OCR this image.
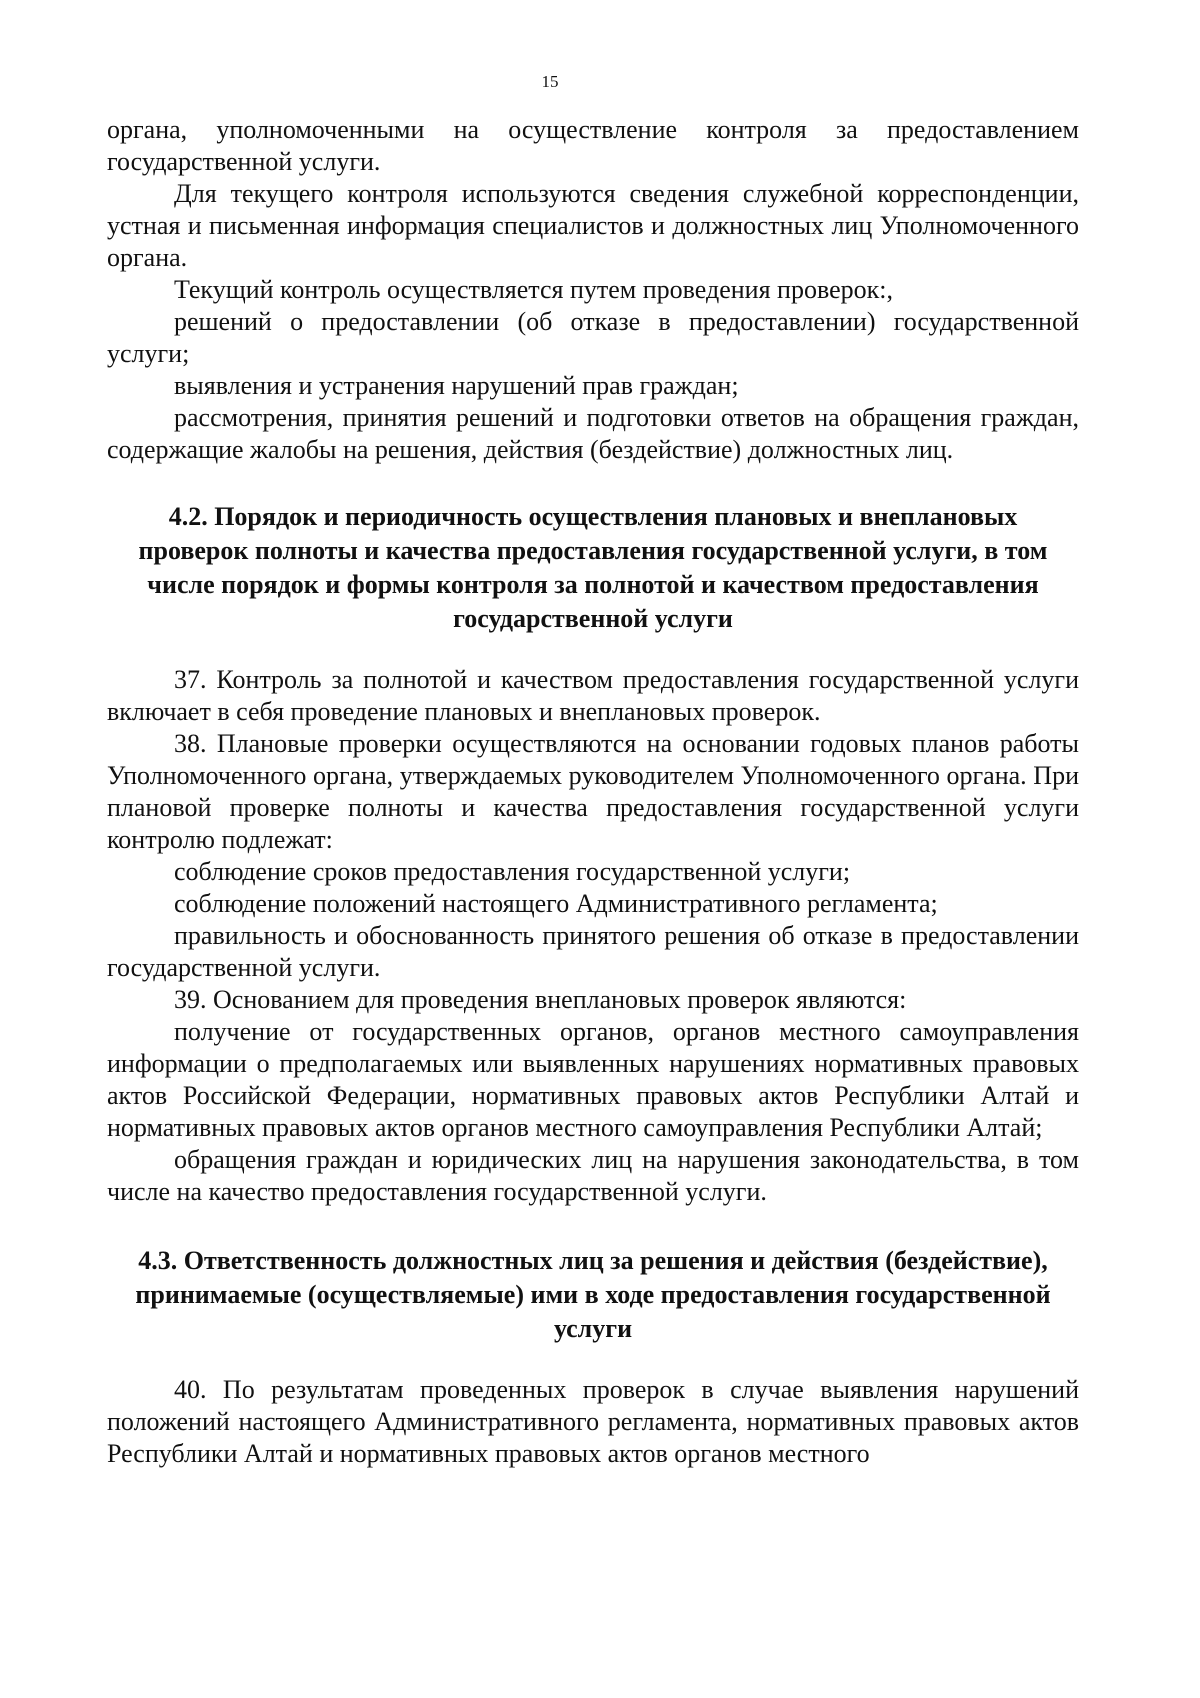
15

органа, уполномоченными на осуществление контроля за предоставлением государственной услуги.

Для текущего контроля используются сведения служебной корреспонденции, устная и письменная информация специалистов и должностных лиц Уполномоченного органа.

Текущий контроль осуществляется путем проведения проверок:,

решений о предоставлении (об отказе в предоставлении) государственной услуги;

выявления и устранения нарушений прав граждан;

рассмотрения, принятия решений и подготовки ответов на обращения граждан, содержащие жалобы на решения, действия (бездействие) должностных лиц.

4.2. Порядок и периодичность осуществления плановых и внеплановых проверок полноты и качества предоставления государственной услуги, в том числе порядок и формы контроля за полнотой и качеством предоставления государственной услуги

37. Контроль за полнотой и качеством предоставления государственной услуги включает в себя проведение плановых и внеплановых проверок.

38. Плановые проверки осуществляются на основании годовых планов работы Уполномоченного органа, утверждаемых руководителем Уполномоченного органа. При плановой проверке полноты и качества предоставления государственной услуги контролю подлежат:

соблюдение сроков предоставления государственной услуги;

соблюдение положений настоящего Административного регламента;

правильность и обоснованность принятого решения об отказе в предоставлении государственной услуги.

39. Основанием для проведения внеплановых проверок являются:

получение от государственных органов, органов местного самоуправления информации о предполагаемых или выявленных нарушениях нормативных правовых актов Российской Федерации, нормативных правовых актов Республики Алтай и нормативных правовых актов органов местного самоуправления Республики Алтай;

обращения граждан и юридических лиц на нарушения законодательства, в том числе на качество предоставления государственной услуги.

4.3. Ответственность должностных лиц за решения и действия (бездействие), принимаемые (осуществляемые) ими в ходе предоставления государственной услуги

40. По результатам проведенных проверок в случае выявления нарушений положений настоящего Административного регламента, нормативных правовых актов Республики Алтай и нормативных правовых актов органов местного
